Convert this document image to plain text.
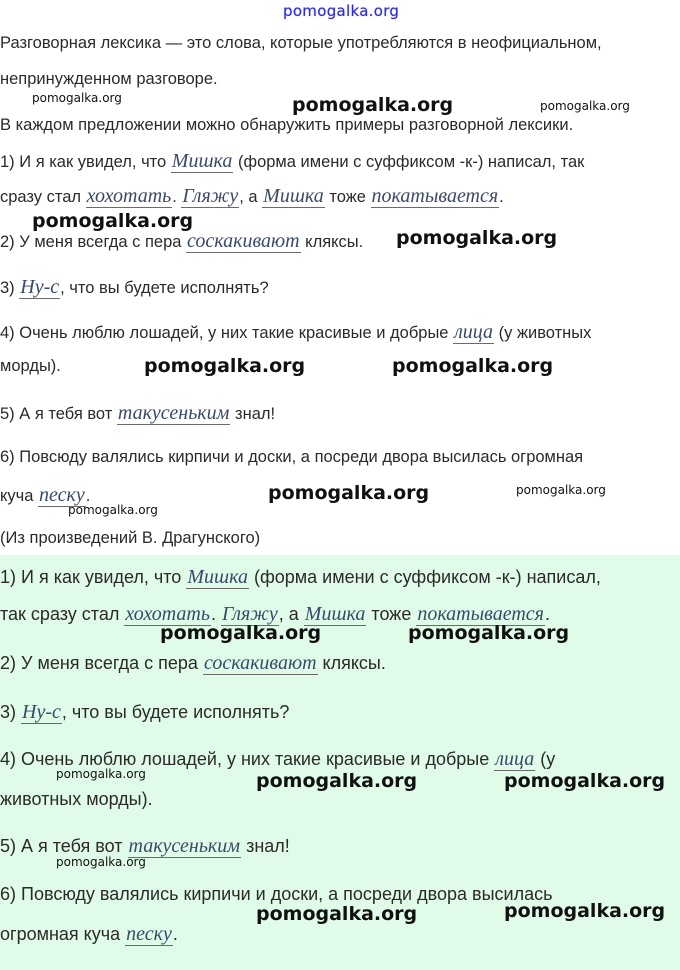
pomogalka.org
Разговорная лексика — это слова, которые употребляются в неофициальном,
непринужденном разговоре.
В каждом предложении можно обнаружить примеры разговорной лексики.
1) И я как увидел, что Мишка (форма имени с суффиксом -к-) написал, так
сразу стал хохотать. Гляжу, а Мишка тоже покатывается.
2) У меня всегда с пера соскакивают кляксы.
3) Ну-с, что вы будете исполнять?
4) Очень люблю лошадей, у них такие красивые и добрые лица (у животных
морды).
5) А я тебя вот такусеньким знал!
6) Повсюду валялись кирпичи и доски, а посреди двора высилась огромная
куча песку.
(Из произведений В. Драгунского)
1) И я как увидел, что Мишка (форма имени с суффиксом -к-) написал,
так сразу стал хохотать. Гляжу, а Мишка тоже покатывается.
2) У меня всегда с пера соскакивают кляксы.
3) Ну-с, что вы будете исполнять?
4) Очень люблю лошадей, у них такие красивые и добрые лица (у
животных морды).
5) А я тебя вот такусеньким знал!
6) Повсюду валялись кирпичи и доски, а посреди двора высилась
огромная куча песку.
pomogalka.org	pomogalka.org	pomogalka.org
pomogalka.org
pomogalka.org
pomogalka.org	pomogalka.org
pomogalka.org	pomogalka.org
pomogalka.org
pomogalka.org	pomogalka.org
pomogalka.org	pomogalka.org	pomogalka.org
pomogalka.org
pomogalka.org
pomogalka.org
